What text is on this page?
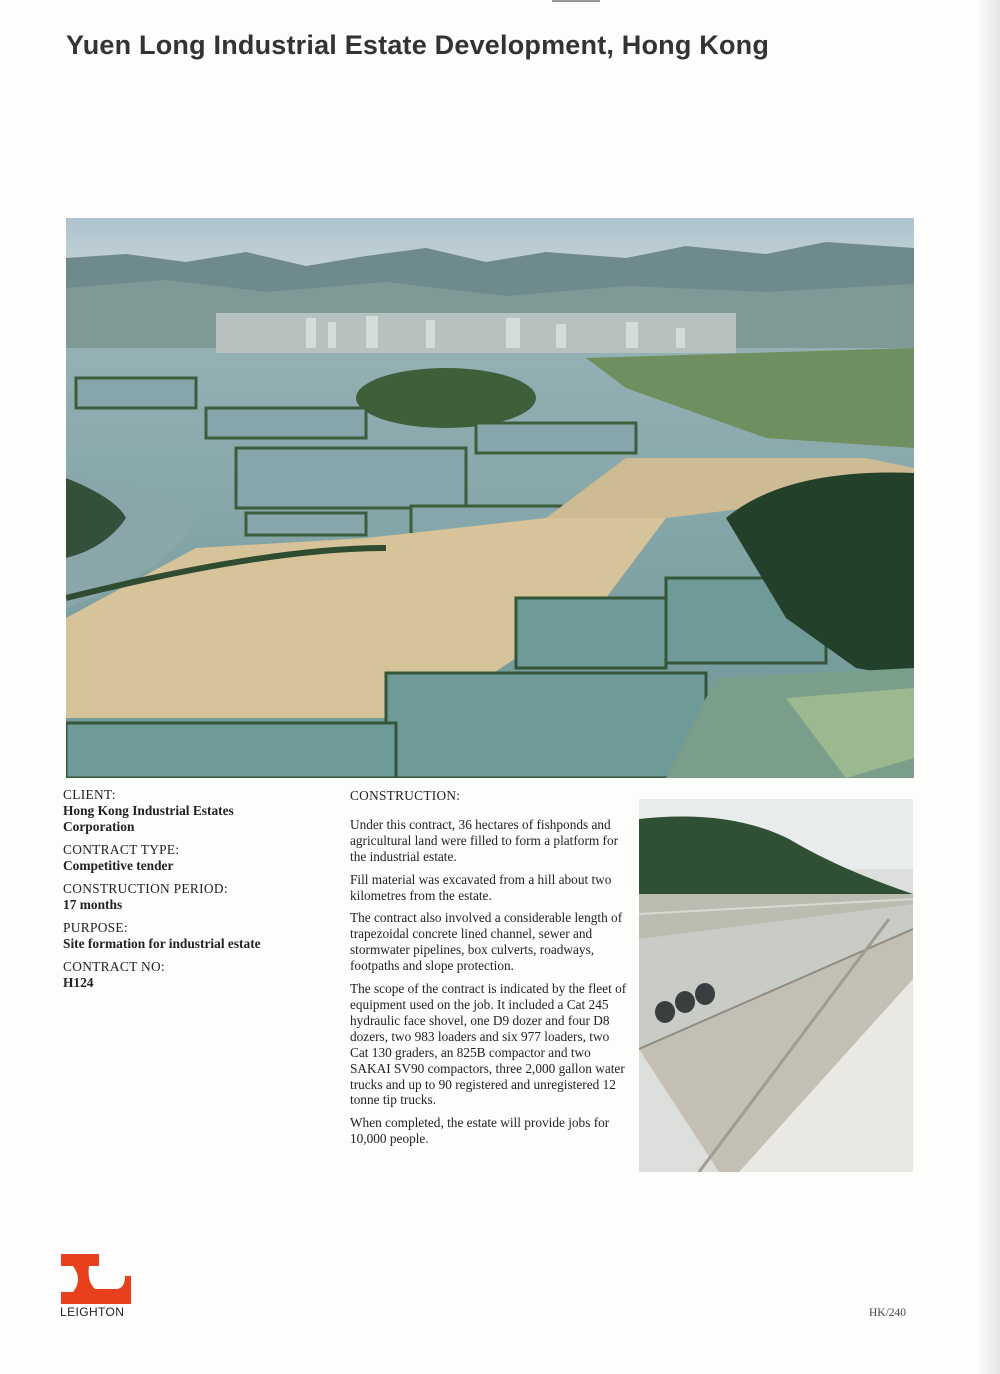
Yuen Long Industrial Estate Development, Hong Kong
CLIENT:
Hong Kong Industrial Estates Corporation
CONTRACT TYPE:
Competitive tender
CONSTRUCTION PERIOD:
17 months
PURPOSE:
Site formation for industrial estate
CONTRACT NO:
H124
CONSTRUCTION:

Under this contract, 36 hectares of fishponds and agricultural land were filled to form a platform for the industrial estate.

Fill material was excavated from a hill about two kilometres from the estate.

The contract also involved a considerable length of trapezoidal concrete lined channel, sewer and stormwater pipelines, box culverts, roadways, footpaths and slope protection.

The scope of the contract is indicated by the fleet of equipment used on the job. It included a Cat 245 hydraulic face shovel, one D9 dozer and four D8 dozers, two 983 loaders and six 977 loaders, two Cat 130 graders, an 825B compactor and two SAKAI SV90 compactors, three 2,000 gallon water trucks and up to 90 registered and unregistered 12 tonne tip trucks.

When completed, the estate will provide jobs for 10,000 people.

LEIGHTON	HK/240
